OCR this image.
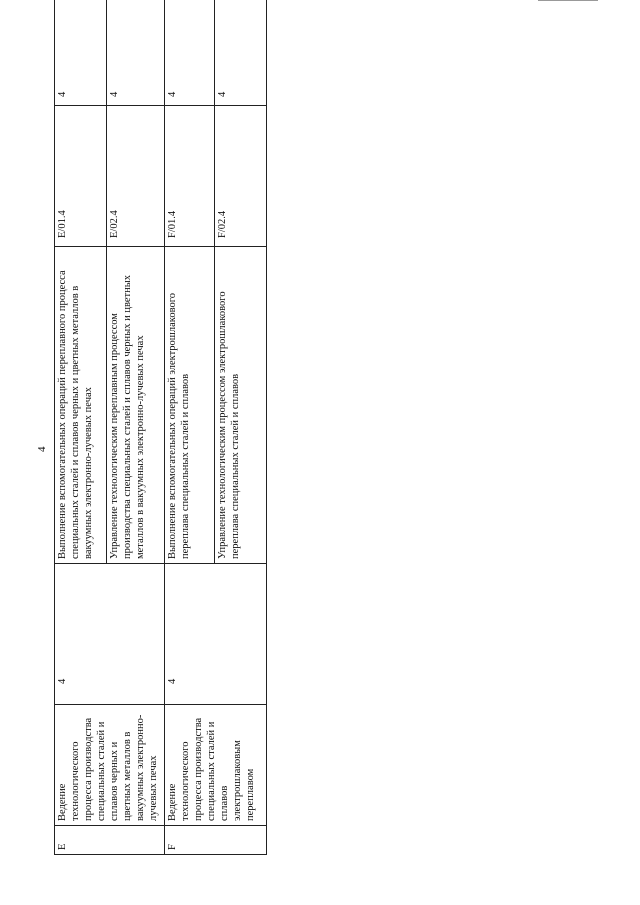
4
E	Ведение технологического процесса производства специальных сталей и сплавов черных и цветных металлов в вакуумных электронно-лучевых печах	4	Выполнение вспомогательных операций переплавного процесса специальных сталей и сплавов черных и цветных металлов в вакуумных электронно-лучевых печах	E/01.4	4
			Управление технологическим переплавным процессом производства специальных сталей и сплавов черных и цветных металлов в вакуумных электронно-лучевых печах	E/02.4	4
F	Ведение технологического процесса производства специальных сталей и сплавов электрошлаковым переплавом	4	Выполнение вспомогательных операций электрошлакового переплава специальных сталей и сплавов	F/01.4	4
			Управление технологическим процессом электрошлакового переплава специальных сталей и сплавов	F/02.4	4
